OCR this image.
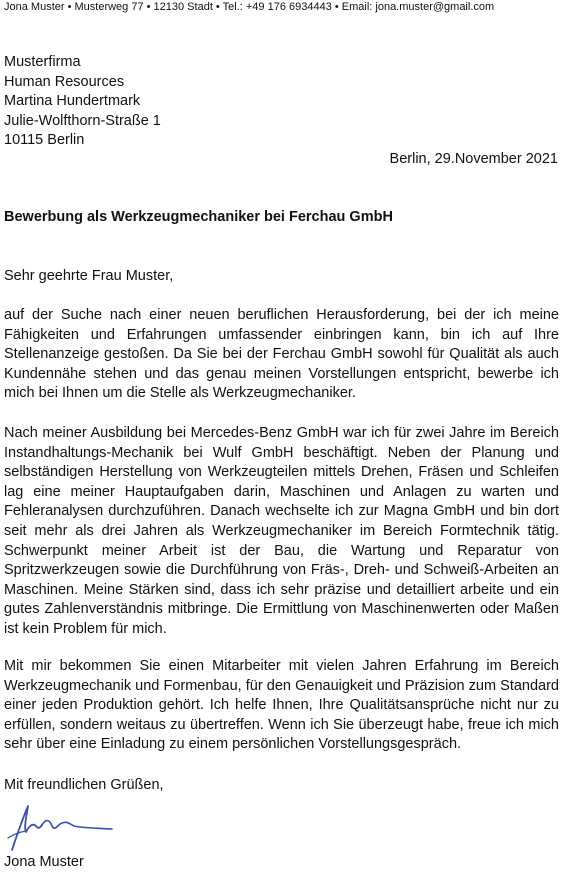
Jona Muster • Musterweg 77 • 12130 Stadt • Tel.: +49 176 6934443 • Email: jona.muster@gmail.com
Musterfirma
Human Resources
Martina Hundertmark
Julie-Wolfthorn-Straße 1
10115 Berlin
Berlin, 29.November 2021
Bewerbung als Werkzeugmechaniker bei Ferchau GmbH
Sehr geehrte Frau Muster,
auf der Suche nach einer neuen beruflichen Herausforderung, bei der ich meine Fähigkeiten und Erfahrungen umfassender einbringen kann, bin ich auf Ihre Stellenanzeige gestoßen. Da Sie bei der Ferchau GmbH sowohl für Qualität als auch Kundennähe stehen und das genau meinen Vorstellungen entspricht, bewerbe ich mich bei Ihnen um die Stelle als Werkzeugmechaniker.
Nach meiner Ausbildung bei Mercedes-Benz GmbH war ich für zwei Jahre im Bereich Instandhaltungs-Mechanik bei Wulf GmbH beschäftigt. Neben der Planung und selbständigen Herstellung von Werkzeugteilen mittels Drehen, Fräsen und Schleifen lag eine meiner Hauptaufgaben darin, Maschinen und Anlagen zu warten und Fehleranalysen durchzuführen. Danach wechselte ich zur Magna GmbH und bin dort seit mehr als drei Jahren als Werkzeugmechaniker im Bereich Formtechnik tätig. Schwerpunkt meiner Arbeit ist der Bau, die Wartung und Reparatur von Spritzwerkzeugen sowie die Durchführung von Fräs-, Dreh- und Schweiß-Arbeiten an Maschinen. Meine Stärken sind, dass ich sehr präzise und detailliert arbeite und ein gutes Zahlenverständnis mitbringe. Die Ermittlung von Maschinenwerten oder Maßen ist kein Problem für mich.
Mit mir bekommen Sie einen Mitarbeiter mit vielen Jahren Erfahrung im Bereich Werkzeugmechanik und Formenbau, für den Genauigkeit und Präzision zum Standard einer jeden Produktion gehört. Ich helfe Ihnen, Ihre Qualitätsansprüche nicht nur zu erfüllen, sondern weitaus zu übertreffen. Wenn ich Sie überzeugt habe, freue ich mich sehr über eine Einladung zu einem persönlichen Vorstellungsgespräch.
Mit freundlichen Grüßen,
Jona Muster
